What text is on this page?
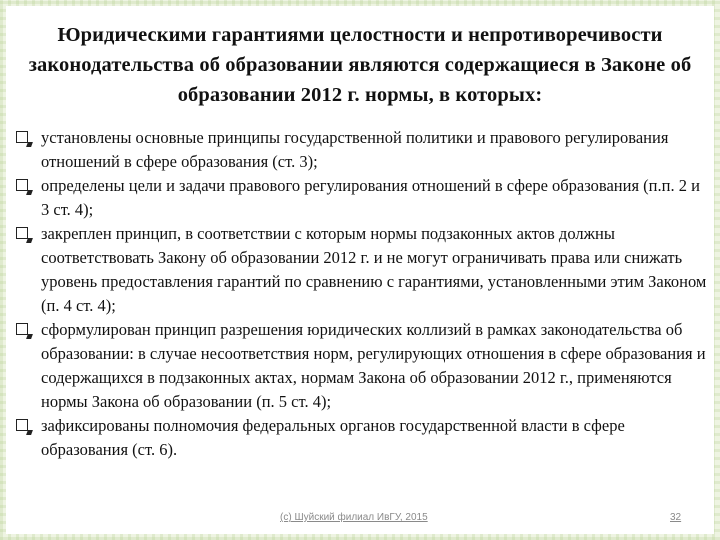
Юридическими гарантиями целостности и непротиворечивости законодательства об образовании являются содержащиеся в Законе об образовании 2012 г. нормы, в которых:
установлены основные принципы государственной политики и правового регулирования отношений в сфере образования (ст. 3);
определены цели и задачи правового регулирования отношений в сфере образования (п.п. 2 и 3 ст. 4);
закреплен принцип, в соответствии с которым нормы подзаконных актов должны соответствовать Закону об образовании 2012 г. и не могут ограничивать права или снижать уровень предоставления гарантий по сравнению с гарантиями, установленными этим Законом (п. 4 ст. 4);
сформулирован принцип разрешения юридических коллизий в рамках законодательства об образовании: в случае несоответствия норм, регулирующих отношения в сфере образования и содержащихся в подзаконных актах, нормам Закона об образовании 2012 г., применяются нормы Закона об образовании (п. 5 ст. 4);
зафиксированы полномочия федеральных органов государственной власти в сфере образования (ст. 6).
(c) Шуйский филиал ИвГУ, 2015	32
